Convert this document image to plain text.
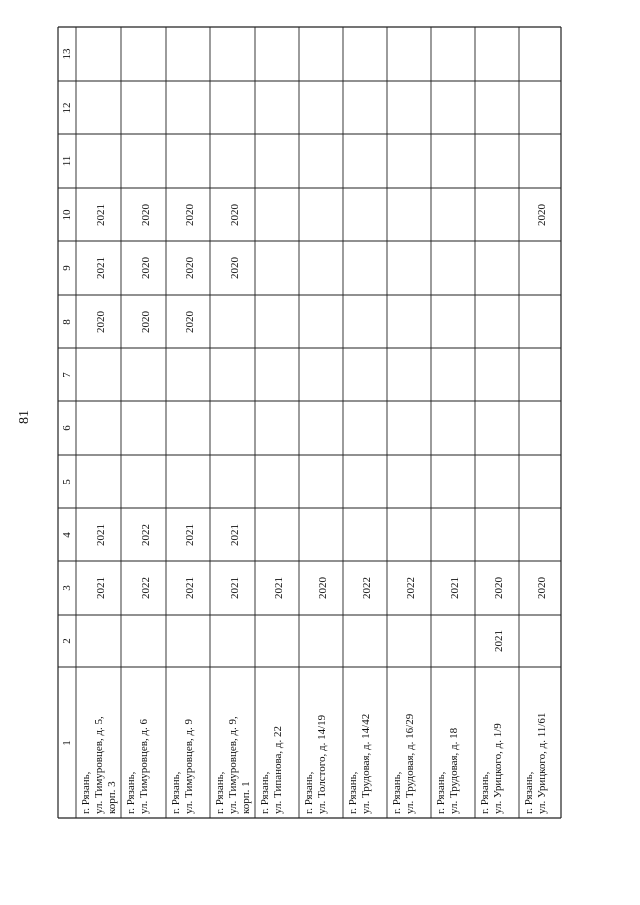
81
1
2
3
4
5
6
7
8
9
10
11
12
13
г. Рязань, ул. Тимуровцев, д. 5, корп. 3
2021
2021
2020
2021
2021
г. Рязань, ул. Тимуровцев, д. 6
2022
2022
2020
2020
2020
г. Рязань, ул. Тимуровцев, д. 9
2021
2021
2020
2020
2020
г. Рязань, ул. Тимуровцев, д. 9, корп. 1
2021
2021
2020
2020
г. Рязань, ул. Типанова, д. 22
2021
г. Рязань, ул. Толстого, д. 14/19
2020
г. Рязань, ул. Трудовая, д. 14/42
2022
г. Рязань, ул. Трудовая, д. 16/29
2022
г. Рязань, ул. Трудовая, д. 18
2021
г. Рязань, ул. Урицкого, д. 1/9
2021
2020
г. Рязань, ул. Урицкого, д. 11/61
2020
2020
